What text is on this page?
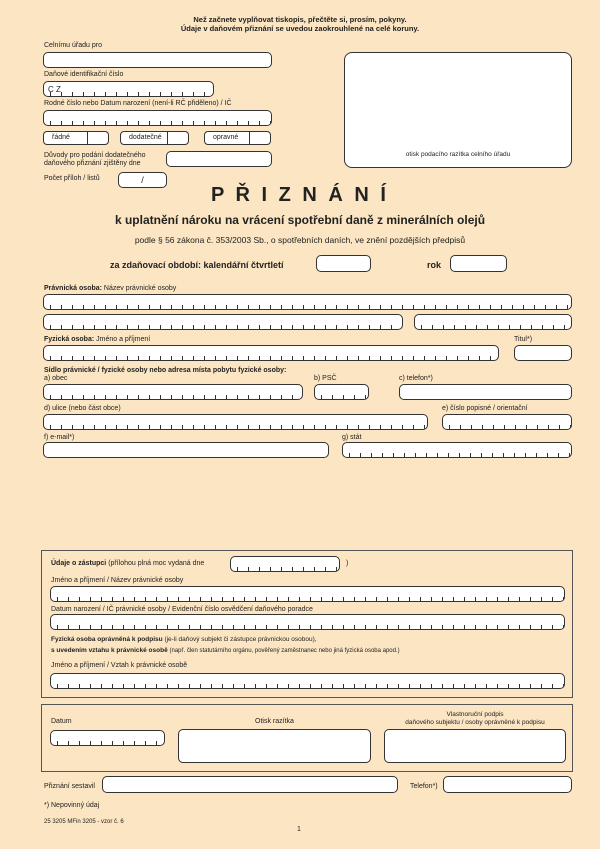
Než začnete vyplňovat tiskopis, přečtěte si, prosím, pokyny.
Údaje v daňovém přiznání se uvedou zaokrouhlené na celé koruny.
Celnímu úřadu pro
Daňové identifikační číslo
C Z
Rodné číslo nebo Datum narození (není-li RČ přiděleno) / IČ
řádné	dodatečné	opravné
Důvody pro podání dodatečného
daňového přiznání zjištěny dne
Počet příloh / listů	/
otisk podacího razítka celního úřadu
P Ř I Z N Á N Í
k uplatnění nároku na vrácení spotřební daně z minerálních olejů
podle § 56 zákona č. 353/2003 Sb., o spotřebních daních, ve znění pozdějších předpisů
za zdaňovací období: kalendářní čtvrtletí	rok
Právnická osoba: Název právnické osoby
Fyzická osoba: Jméno a příjmení	Titul*)
Sídlo právnické / fyzické osoby nebo adresa místa pobytu fyzické osoby:
a) obec	b) PSČ	c) telefon*)
d) ulice (nebo část obce)	e) číslo popisné / orientační
f) e-mail*)	g) stát
Údaje o zástupci (přílohou plná moc vydaná dne	)
Jméno a příjmení / Název právnické osoby
Datum narození / IČ právnické osoby / Evidenční číslo osvědčení daňového poradce
Fyzická osoba oprávněná k podpisu (je-li daňový subjekt či zástupce právnickou osobou),
s uvedením vztahu k právnické osobě (např. člen statutárního orgánu, pověřený zaměstnanec nebo jiná fyzická osoba apod.)
Jméno a příjmení / Vztah k právnické osobě
Datum	Otisk razítka
Vlastnoruční podpis
daňového subjektu / osoby oprávněné k podpisu
Přiznání sestavil	Telefon*)
*) Nepovinný údaj
25 3205 MFin 3205 - vzor č. 6
1
